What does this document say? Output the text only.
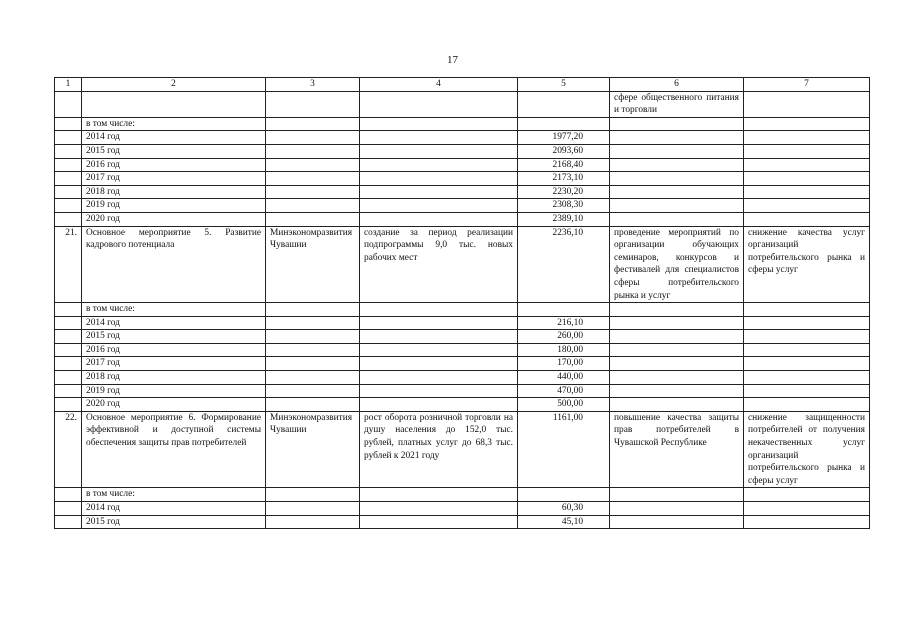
17
1	2	3	4	5	6	7
					сфере общественного питания и торговли	
	в том числе:					
	2014 год			1977,20		
	2015 год			2093,60		
	2016 год			2168,40		
	2017 год			2173,10		
	2018 год			2230,20		
	2019 год			2308,30		
	2020 год			2389,10		
21.	Основное мероприятие 5. Развитие кадрового потенциала	Минэкономразвития Чувашии	создание за период реализации подпрограммы 9,0 тыс. новых рабочих мест	2236,10	проведение мероприятий по организации обучающих семинаров, конкурсов и фестивалей для специалистов сферы потребительского рынка и услуг	снижение качества услуг организаций потребительского рынка и сферы услуг
	в том числе:					
	2014 год			216,10		
	2015 год			260,00		
	2016 год			180,00		
	2017 год			170,00		
	2018 год			440,00		
	2019 год			470,00		
	2020 год			500,00		
22.	Основное мероприятие 6. Формирование эффективной и доступной системы обеспечения защиты прав потребителей	Минэкономразвития Чувашии	рост оборота розничной торговли на душу населения до 152,0 тыс. рублей, платных услуг до 68,3 тыс. рублей к 2021 году	1161,00	повышение качества защиты прав потребителей в Чувашской Республике	снижение защищенности потребителей от получения некачественных услуг организаций потребительского рынка и сферы услуг
	в том числе:					
	2014 год			60,30		
	2015 год			45,10		
